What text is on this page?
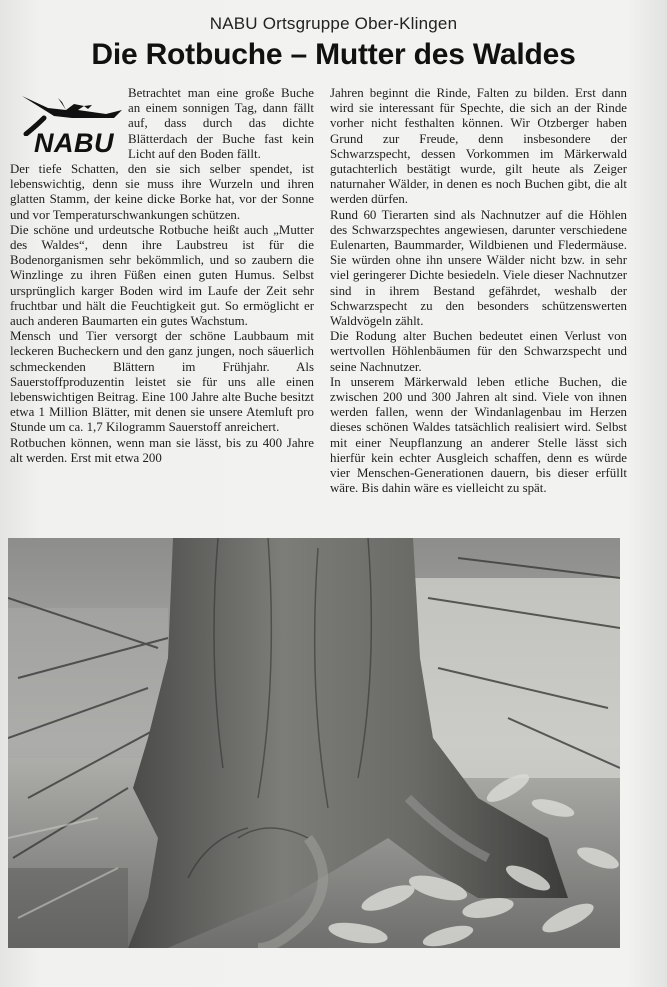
NABU Ortsgruppe Ober-Klingen
Die Rotbuche – Mutter des Waldes
NABU

Betrachtet man eine große Buche an einem sonnigen Tag, dann fällt auf, dass durch das dichte Blätterdach der Buche fast kein Licht auf den Boden fällt.

Der tiefe Schatten, den sie sich selber spendet, ist lebenswichtig, denn sie muss ihre Wurzeln und ihren glatten Stamm, der keine dicke Borke hat, vor der Sonne und vor Temperaturschwankungen schützen.

Die schöne und urdeutsche Rotbuche heißt auch „Mutter des Waldes“, denn ihre Laubstreu ist für die Bodenorganismen sehr bekömmlich, und so zaubern die Winzlinge zu ihren Füßen einen guten Humus. Selbst ursprünglich karger Boden wird im Laufe der Zeit sehr fruchtbar und hält die Feuchtigkeit gut. So ermöglicht er auch anderen Baumarten ein gutes Wachstum.

Mensch und Tier versorgt der schöne Laubbaum mit leckeren Bucheckern und den ganz jungen, noch säuerlich schmeckenden Blättern im Frühjahr. Als Sauerstoffproduzentin leistet sie für uns alle einen lebenswichtigen Beitrag. Eine 100 Jahre alte Buche besitzt etwa 1 Million Blätter, mit denen sie unsere Atemluft pro Stunde um ca. 1,7 Kilogramm Sauerstoff anreichert.

Rotbuchen können, wenn man sie lässt, bis zu 400 Jahre alt werden. Erst mit etwa 200

Jahren beginnt die Rinde, Falten zu bilden. Erst dann wird sie interessant für Spechte, die sich an der Rinde vorher nicht festhalten können. Wir Otzberger haben Grund zur Freude, denn insbesondere der Schwarzspecht, dessen Vorkommen im Märkerwald gutachterlich bestätigt wurde, gilt heute als Zeiger naturnaher Wälder, in denen es noch Buchen gibt, die alt werden dürfen.

Rund 60 Tierarten sind als Nachnutzer auf die Höhlen des Schwarzspechtes angewiesen, darunter verschiedene Eulenarten, Baummarder, Wildbienen und Fledermäuse. Sie würden ohne ihn unsere Wälder nicht bzw. in sehr viel geringerer Dichte besiedeln. Viele dieser Nachnutzer sind in ihrem Bestand gefährdet, weshalb der Schwarzspecht zu den besonders schützenswerten Waldvögeln zählt.

Die Rodung alter Buchen bedeutet einen Verlust von wertvollen Höhlenbäumen für den Schwarzspecht und seine Nachnutzer.

In unserem Märkerwald leben etliche Buchen, die zwischen 200 und 300 Jahren alt sind. Viele von ihnen werden fallen, wenn der Windanlagenbau im Herzen dieses schönen Waldes tatsächlich realisiert wird. Selbst mit einer Neupflanzung an anderer Stelle lässt sich hierfür kein echter Ausgleich schaffen, denn es würde vier Menschen-Generationen dauern, bis dieser erfüllt wäre. Bis dahin wäre es vielleicht zu spät.
